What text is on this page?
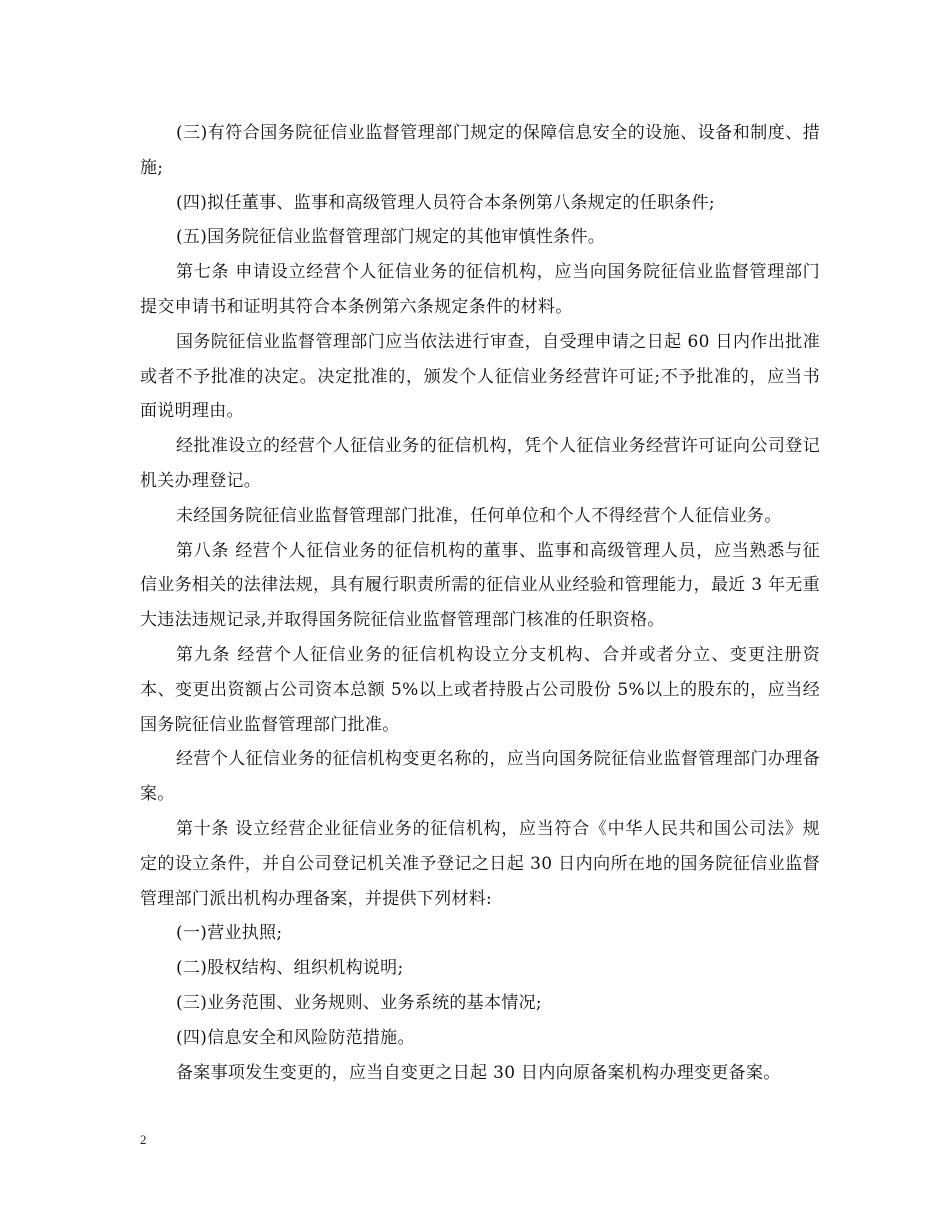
(三)有符合国务院征信业监督管理部门规定的保障信息安全的设施、设备和制度、措施;

(四)拟任董事、监事和高级管理人员符合本条例第八条规定的任职条件;

(五)国务院征信业监督管理部门规定的其他审慎性条件。

第七条 申请设立经营个人征信业务的征信机构，应当向国务院征信业监督管理部门提交申请书和证明其符合本条例第六条规定条件的材料。

国务院征信业监督管理部门应当依法进行审查，自受理申请之日起 60 日内作出批准或者不予批准的决定。决定批准的，颁发个人征信业务经营许可证;不予批准的，应当书面说明理由。

经批准设立的经营个人征信业务的征信机构，凭个人征信业务经营许可证向公司登记机关办理登记。

未经国务院征信业监督管理部门批准，任何单位和个人不得经营个人征信业务。

第八条 经营个人征信业务的征信机构的董事、监事和高级管理人员，应当熟悉与征信业务相关的法律法规，具有履行职责所需的征信业从业经验和管理能力，最近 3 年无重大违法违规记录,并取得国务院征信业监督管理部门核准的任职资格。

第九条 经营个人征信业务的征信机构设立分支机构、合并或者分立、变更注册资本、变更出资额占公司资本总额 5%以上或者持股占公司股份 5%以上的股东的，应当经国务院征信业监督管理部门批准。

经营个人征信业务的征信机构变更名称的，应当向国务院征信业监督管理部门办理备案。

第十条 设立经营企业征信业务的征信机构，应当符合《中华人民共和国公司法》规定的设立条件，并自公司登记机关准予登记之日起 30 日内向所在地的国务院征信业监督管理部门派出机构办理备案，并提供下列材料:

(一)营业执照;

(二)股权结构、组织机构说明;

(三)业务范围、业务规则、业务系统的基本情况;

(四)信息安全和风险防范措施。

备案事项发生变更的，应当自变更之日起 30 日内向原备案机构办理变更备案。

2
